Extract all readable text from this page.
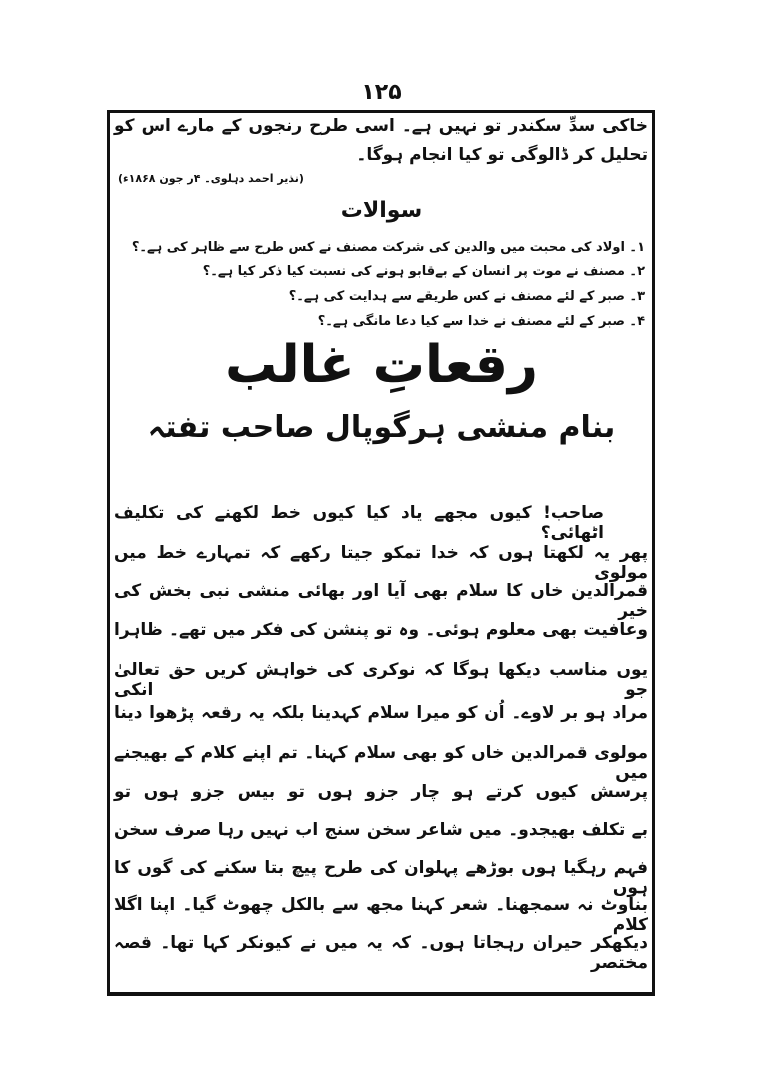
۱۲۵
خاکی سدِّ سکندر تو نہیں ہے۔ اسی طرح رنجوں کے مارے اس کو
تحلیل کر ڈالوگی تو کیا انجام ہوگا۔
(نذیر احمد دہلوی۔ ۴ر جون ۱۸۶۸ء)
سوالات
۱۔ اولاد کی محبت میں والدین کی شرکت مصنف نے کس طرح سے ظاہر کی ہے۔؟
۲۔ مصنف نے موت پر انسان کے بےقابو ہونے کی نسبت کیا ذکر کیا ہے۔؟
۳۔ صبر کے لئے مصنف نے کس طریقے سے ہدایت کی ہے۔؟
۴۔ صبر کے لئے مصنف نے خدا سے کیا دعا مانگی ہے۔؟
رقعاتِ غالب
بنام منشی ہرگوپال صاحب تفتہ
صاحب! کیوں مجھے یاد کیا کیوں خط لکھنے کی تکلیف اٹھائی؟
پھر یہ لکھتا ہوں کہ خدا تمکو جیتا رکھے کہ تمہارے خط میں مولوی
قمرالدین خاں کا سلام بھی آیا اور بھائی منشی نبی بخش کی خیر
وعافیت بھی معلوم ہوئی۔ وہ تو پنشن کی فکر میں تھے۔ ظاہرا
یوں مناسب دیکھا ہوگا کہ نوکری کی خواہش کریں حق تعالیٰ جو انکی
مراد ہو بر لاوے۔ اُن کو میرا سلام کہدینا بلکہ یہ رقعہ پڑھوا دینا
مولوی قمرالدین خاں کو بھی سلام کہنا۔ تم اپنے کلام کے بھیجنے میں
پرسش کیوں کرتے ہو چار جزو ہوں تو بیس جزو ہوں تو
بے تکلف بھیجدو۔ میں شاعر سخن سنج اب نہیں رہا صرف سخن
فہم رہگیا ہوں بوڑھے پہلوان کی طرح پیچ بتا سکنے کی گوں کا ہوں
بناوٹ نہ سمجھنا۔ شعر کہنا مجھ سے بالکل چھوٹ گیا۔ اپنا اگلا کلام
دیکھکر حیران رہجاتا ہوں۔ کہ یہ میں نے کیونکر کہا تھا۔ قصہ مختصر
